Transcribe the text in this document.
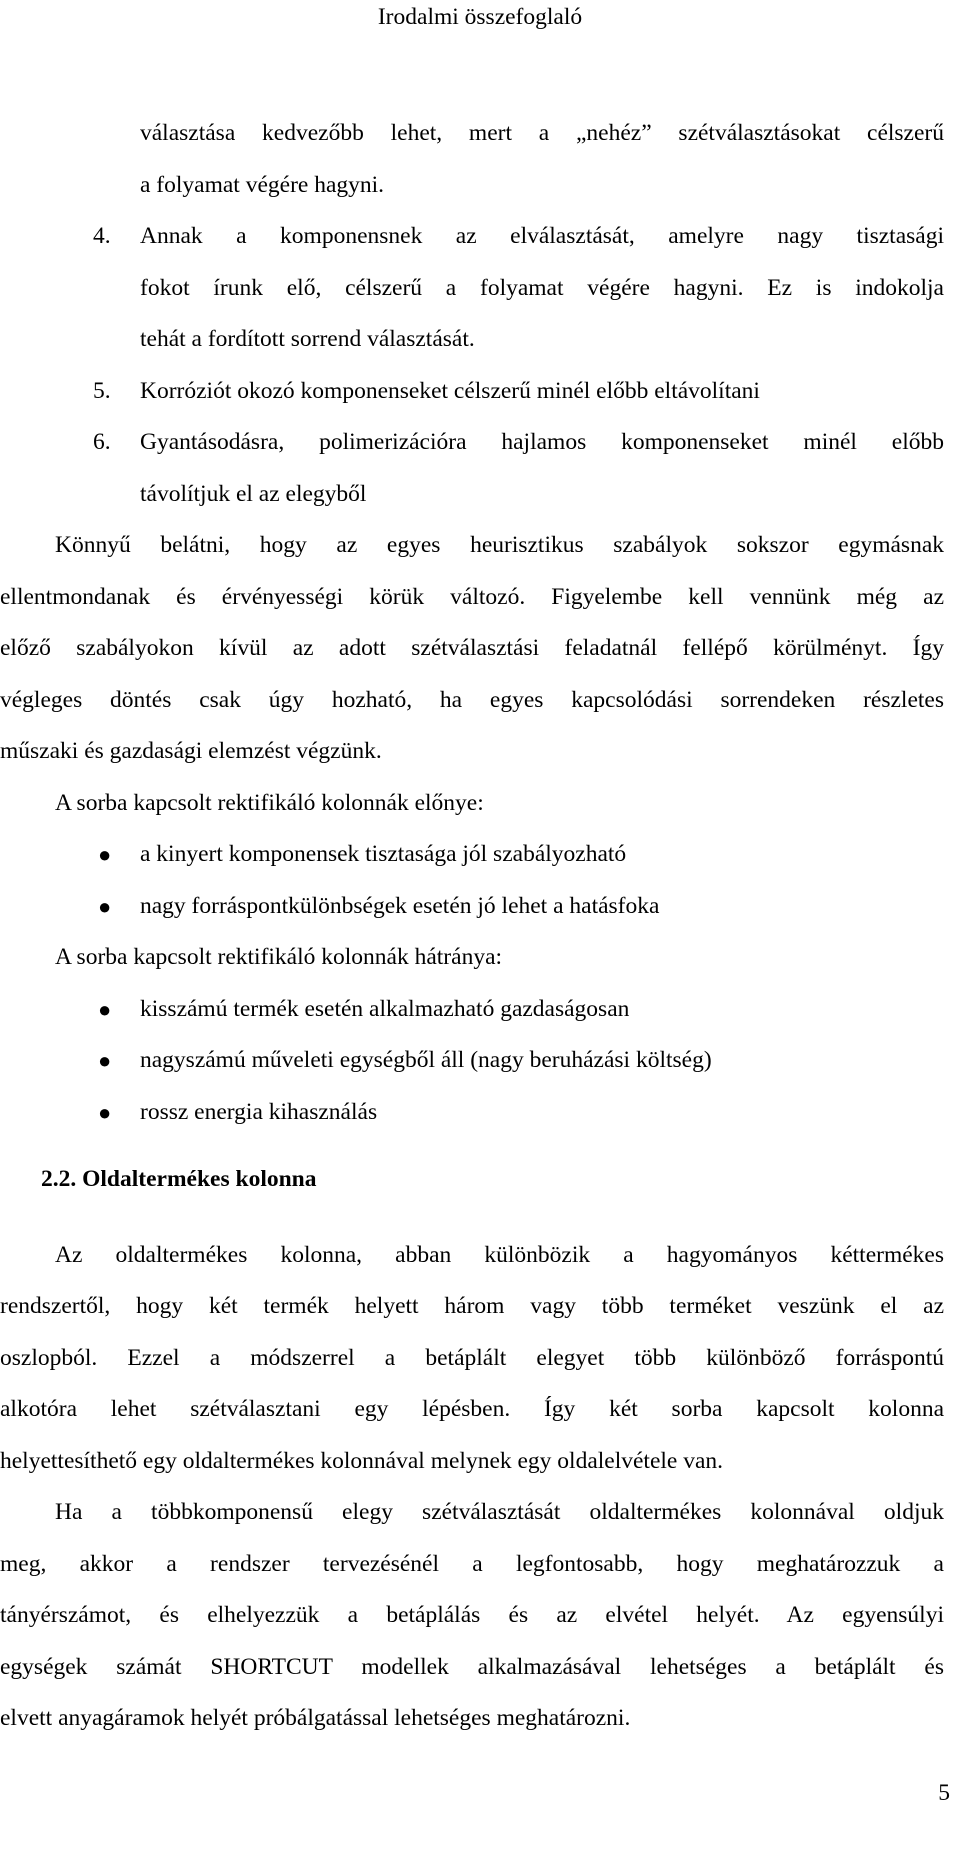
Irodalmi összefoglaló
választása kedvezőbb lehet, mert a „nehéz” szétválasztásokat célszerű
a folyamat végére hagyni.
4. Annak a komponensnek az elválasztását, amelyre nagy tisztasági
fokot írunk elő, célszerű a folyamat végére hagyni. Ez is indokolja
tehát a fordított sorrend választását.
5. Korróziót okozó komponenseket célszerű minél előbb eltávolítani
6. Gyantásodásra, polimerizációra hajlamos komponenseket minél előbb
távolítjuk el az elegyből
Könnyű belátni, hogy az egyes heurisztikus szabályok sokszor egymásnak
ellentmondanak és érvényességi körük változó. Figyelembe kell vennünk még az
előző szabályokon kívül az adott szétválasztási feladatnál fellépő körülményt. Így
végleges döntés csak úgy hozható, ha egyes kapcsolódási sorrendeken részletes
műszaki és gazdasági elemzést végzünk.
A sorba kapcsolt rektifikáló kolonnák előnye:
● a kinyert komponensek tisztasága jól szabályozható
● nagy forráspontkülönbségek esetén jó lehet a hatásfoka
A sorba kapcsolt rektifikáló kolonnák hátránya:
● kisszámú termék esetén alkalmazható gazdaságosan
● nagyszámú műveleti egységből áll (nagy beruházási költség)
● rossz energia kihasználás
2.2. Oldaltermékes kolonna
Az oldaltermékes kolonna, abban különbözik a hagyományos kéttermékes
rendszertől, hogy két termék helyett három vagy több terméket veszünk el az
oszlopból. Ezzel a módszerrel a betáplált elegyet több különböző forráspontú
alkotóra lehet szétválasztani egy lépésben. Így két sorba kapcsolt kolonna
helyettesíthető egy oldaltermékes kolonnával melynek egy oldalelvétele van.
Ha a többkomponensű elegy szétválasztását oldaltermékes kolonnával oldjuk
meg, akkor a rendszer tervezésénél a legfontosabb, hogy meghatározzuk a
tányérszámot, és elhelyezzük a betáplálás és az elvétel helyét. Az egyensúlyi
egységek számát SHORTCUT modellek alkalmazásával lehetséges a betáplált és
elvett anyagáramok helyét próbálgatással lehetséges meghatározni.
5
